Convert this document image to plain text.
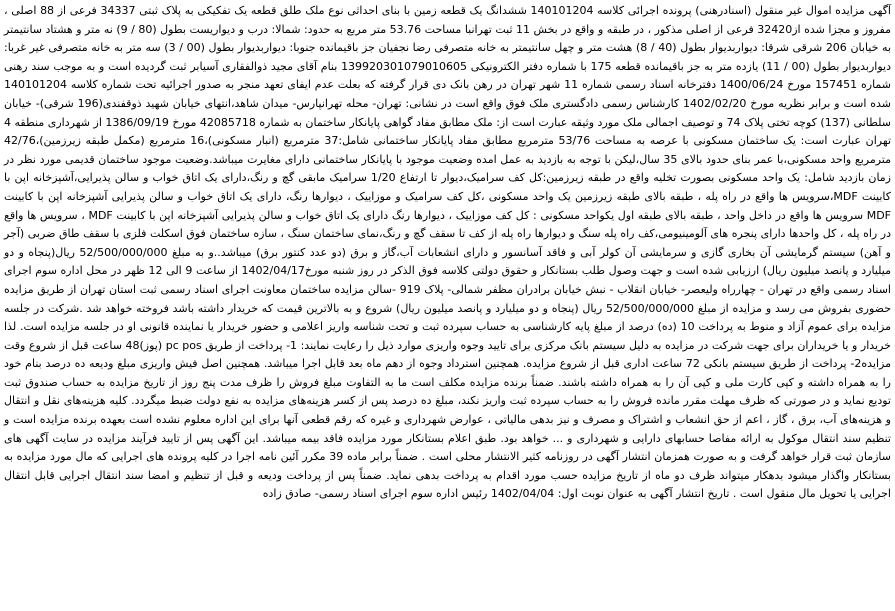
آگهی مزایده اموال غیر منقول (اسنادرهنی) پرونده اجرائی کلاسه 140101204 ششدانگ یک قطعه زمین با بنای احداثی نوع ملک طلق قطعه یک تفکیکی به پلاک ثبتی 34337 فرعی از 88 اصلی ، مفروز و مجزا شده از32420 فرعی از اصلی مذکور ، در طبقه و واقع در بخش 11 ثبت تهرانبا مساحت 53.76 متر مربع به حدود: شمالا: درب و دیواریست بطول (80 / 9) نه متر و هشتاد سانتیمتر به خیابان 206 شرقی شرقا: دیواربدیوار بطول (40 / 8) هشت متر و چهل سانتیمتر به خانه متصرفی رضا نجفیان جز باقیمانده جنوبا: دیواربدیوار بطول (00 / 3) سه متر به خانه متصرفی غیر غربا: دیواربدیوار بطول (00 / 11) یازده متر به جز باقیمانده قطعه 175 با شماره دفتر الکترونیکی 139920301079010605 بنام آقای مجید ذوالفقاری آسیابر ثبت گردیده است و به موجب سند رهنی شماره 157451 مورخ 1400/06/24 دفترخانه اسناد رسمی شماره 11 شهر تهران در رهن بانک دی قرار گرفته که بعلت عدم ایفای تعهد منجر به صدور اجرائیه تحت شماره کلاسه 140101204 شده است و برابر نظریه مورخ 1402/02/20 کارشناس رسمی دادگستری ملک فوق واقع است در نشانی: تهران- محله تهرانپارس- میدان شاهد،انتهای خیابان شهید ذوقفندی(196 شرقی)- خیابان سلطانی (137) کوچه تختی پلاک 74 و توصیف اجمالی ملک مورد وثیقه عبارت است از: ملک مطابق مفاد گواهی پایانکار ساختمان به شماره 42085718 مورخ 1386/09/19 از شهرداری منطقه 4 تهران عبارت است: یک ساختمان مسکونی با عرصه به مساحت 53/76 مترمربع مطابق مفاد پایانکار ساختمانی شامل:37 مترمربع (انبار مسکونی)،16 مترمربع (مکمل طبقه زیرزمین)،42/76 مترمربع واحد مسکونی،با عمر بنای حدود بالای 35 سال،لیکن با توجه به بازدید به عمل امده وضعیت موجود با پایانکار ساختمانی دارای مغایرت میباشد.وضعیت موجود ساختمان قدیمی مورد نظر در زمان بازدید شامل: یک واحد مسکونی بصورت تخلیه واقع در طبقه زیرزمین:کل کف سرامیک،دیوار تا ارتفاع 1/20 سرامیک مابقی گچ و رنگ،دارای یک اتاق خواب و سالن پذیرایی،آشپزخانه اپن با کابینت MDF،سرویس ها واقع در راه پله ، طبقه بالای طبقه زیرزمین یک واحد مسکونی ،کل کف سرامیک و موزاییک ، دیوارها رنگ، دارای یک اتاق خواب و سالن پذیرایی آشپزخانه اپن با کابینت MDF سرویس ها واقع در داخل واحد ، طبقه بالای طبقه اول یکواحد مسکونی : کل کف موزاییک ، دیوارها رنگ دارای یک اتاق خواب و سالن پذیرایی آشپزخانه اپن با کابینت MDF ، سرویس ها واقع در راه پله ، کل واحدها دارای پنجره های آلومینیومی،کف راه پله سنگ و دیوارها راه پله از کف تا سقف گچ و رنگ،نمای ساختمان سنگ ، سازه ساختمان فوق اسکلت فلزی با سقف طاق ضربی (آجر و آهن) سیستم گرمایشی آن بخاری گازی و سرمایشی آن کولر آبی و فاقد آسانسور و دارای انشعابات آب،گاز و برق (دو عدد کنتور برق) میباشد..و به مبلغ 52/500/000/000 ریال(پنجاه و دو میلیارد و پانصد میلیون ریال) ارزیابی شده است و جهت وصول طلب بستانکار و حقوق دولتی کلاسه فوق الذکر در روز شنبه مورخ1402/04/17 از ساعت 9 الی 12 ظهر در محل اداره سوم اجرای اسناد رسمی واقع در تهران - چهارراه ولیعصر- خیابان انقلاب - نبش خیابان برادران مظفر شمالی- پلاک 919 -سالن مزایده ساختمان معاونت اجرای اسناد رسمی ثبت استان تهران از طریق مزایده حضوری بفروش می رسد و مزایده از مبلغ 52/500/000/000 ریال (پنجاه و دو میلیارد و پانصد میلیون ریال) شروع و به بالاترین قیمت که خریدار داشته باشد فروخته خواهد شد .شرکت در جلسه مزایده برای عموم آزاد و منوط به پرداخت 10 (ده) درصد از مبلغ پایه کارشناسی به حساب سپرده ثبت و تحت شناسه واریز اعلامی و حضور خریدار یا نماینده قانونی او در جلسه مزایده است. لذا خریدار و یا خریداران برای جهت شرکت در مزایده به دلیل سیستم بانک مرکزی برای تایید وجوه واریزی موارد ذیل را رعایت نمایند: 1- پرداخت از طریق pc pos (پوز)48 ساعت قبل از شروع وقت مزایده2- پرداخت از طریق سیستم بانکی 72 ساعت اداری قبل از شروع مزایده. همچنین استرداد وجوه از دهم ماه بعد قابل اجرا میباشد. همچنین اصل فیش واریزی مبلغ ودیعه ده درصد بنام خود را به همراه داشته و کپی کارت ملی و کپی آن را به همراه داشته باشند. ضمناً برنده مزایده مکلف است ما به التفاوت مبلغ فروش را ظرف مدت پنج روز از تاریخ مزایده به حساب صندوق ثبت تودیع نماید و در صورتی که ظرف مهلت مقرر مانده فروش را به حساب سپرده ثبت واریز نکند، مبلغ ده درصد پس از کسر هزینه‌های مزایده به نفع دولت ضبط میگردد. کلیه هزینه‌های نقل و انتقال و هزینه‌های آب، برق ، گاز ، اعم از حق انشعاب و اشتراک و مصرف و نیز بدهی مالیاتی ، عوارض شهرداری و غیره که رقم قطعی آنها برای این اداره معلوم نشده است بعهده برنده مزایده است و تنظیم سند انتقال موکول به ارائه مفاصا حسابهای دارایی و شهرداری و ... خواهد بود. طبق اعلام بستانکار مورد مزایده فاقد بیمه میباشد. این آگهی پس از تایید فرآیند مزایده در سایت آگهی های سازمان ثبت قرار خواهد گرفت و به صورت همزمان انتشار آگهی در روزنامه کثیر الانتشار محلی است . ضمناً برابر ماده 39 مکرر آئین نامه اجرا در کلیه پرونده های اجرایی که مال مورد مزایده به بستانکار واگذار میشود بدهکار میتواند ظرف دو ماه از تاریخ مزایده حسب مورد اقدام به پرداخت بدهی نماید. ضمناً پس از پرداخت ودیعه و قبل از تنظیم و امضا سند انتقال اجرایی قابل انتقال اجرایی یا تحویل مال منقول است . تاریخ انتشار آگهی به عنوان نوبت اول: 1402/04/04 رئیس اداره سوم اجرای اسناد رسمی- صادق زاده
